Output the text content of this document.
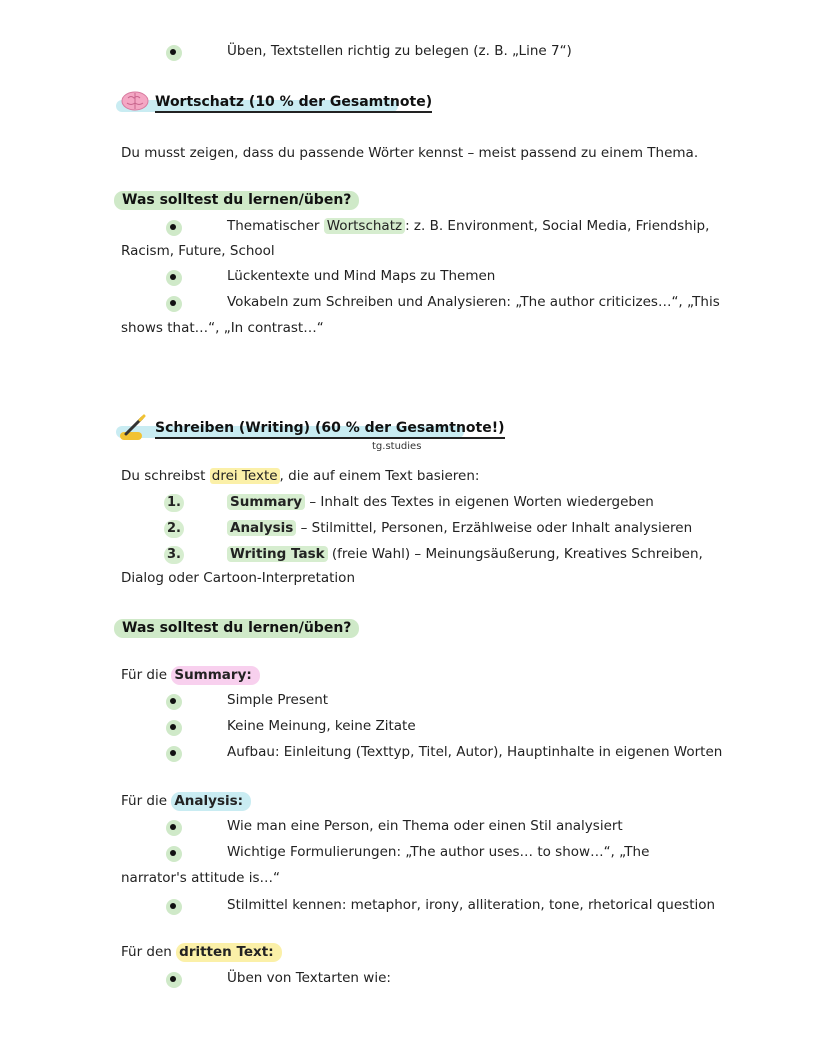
Üben, Textstellen richtig zu belegen (z. B. „Line 7“)
Wortschatz (10 % der Gesamtnote)
Du musst zeigen, dass du passende Wörter kennst – meist passend zu einem Thema.
Was solltest du lernen/üben?
Thematischer Wortschatz : z. B. Environment, Social Media, Friendship,
Racism, Future, School
Lückentexte und Mind Maps zu Themen
Vokabeln zum Schreiben und Analysieren: „The author criticizes…“, „This
shows that…“, „In contrast…“
Schreiben (Writing) (60 % der Gesamtnote!)
tg.studies
Du schreibst drei Texte , die auf einem Text basieren:
1.	Summary – Inhalt des Textes in eigenen Worten wiedergeben
2.	Analysis – Stilmittel, Personen, Erzählweise oder Inhalt analysieren
3.	Writing Task (freie Wahl) – Meinungsäußerung, Kreatives Schreiben,
Dialog oder Cartoon-Interpretation
Was solltest du lernen/üben?
Für die Summary:
Simple Present
Keine Meinung, keine Zitate
Aufbau: Einleitung (Texttyp, Titel, Autor), Hauptinhalte in eigenen Worten
Für die Analysis:
Wie man eine Person, ein Thema oder einen Stil analysiert
Wichtige Formulierungen: „The author uses… to show…“, „The
narrator's attitude is…“
Stilmittel kennen: metaphor, irony, alliteration, tone, rhetorical question
Für den dritten Text:
Üben von Textarten wie:
